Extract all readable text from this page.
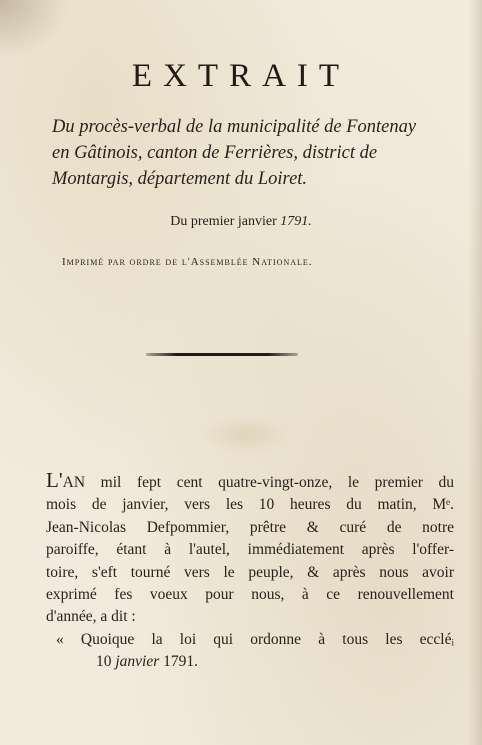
EXTRAIT
Du procès-verbal de la municipalité de Fontenay
en Gâtinois, canton de Ferrières, district de
Montargis, département du Loiret.
Du premier janvier 1791.
Imprimé par ordre de l'Assemblée Nationale.
L'AN mil fept cent quatre-vingt-onze, le premier du
mois de janvier, vers les 10 heures du matin, Mᵉ.
Jean-Nicolas Defpommier, prêtre & curé de notre
paroiffe, étant à l'autel, immédiatement après l'offer-
toire, s'eft tourné vers le peuple, & après nous avoir
exprimé fes voeux pour nous, à ce renouvellement
d'année, a dit :
« Quoique la loi qui ordonne à tous les eccléᵢ
10 janvier 1791.
